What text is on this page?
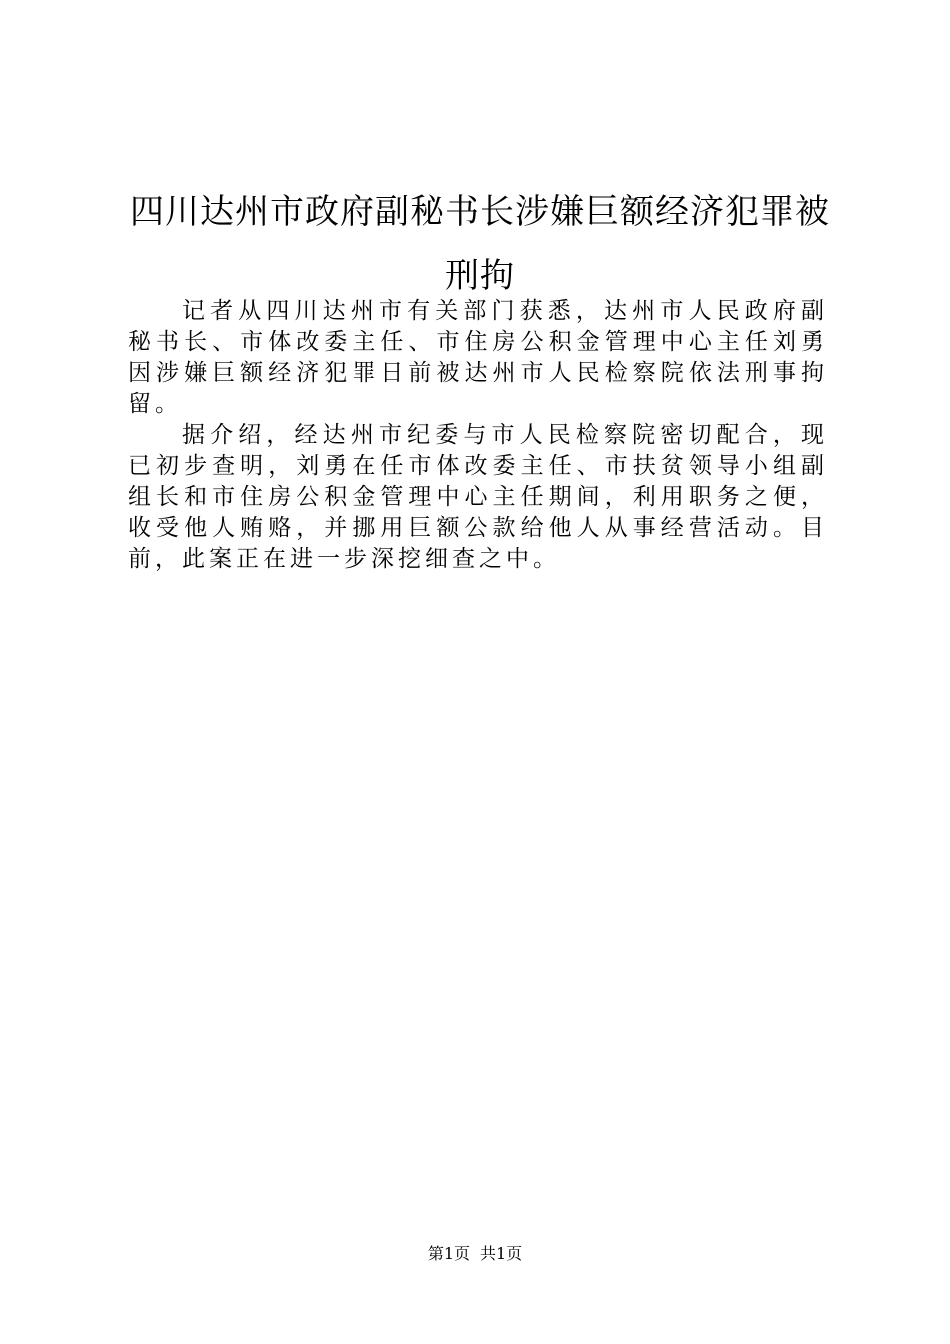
四川达州市政府副秘书长涉嫌巨额经济犯罪被刑拘

记者从四川达州市有关部门获悉，达州市人民政府副秘书长、市体改委主任、市住房公积金管理中心主任刘勇因涉嫌巨额经济犯罪日前被达州市人民检察院依法刑事拘留。

据介绍，经达州市纪委与市人民检察院密切配合，现已初步查明，刘勇在任市体改委主任、市扶贫领导小组副组长和市住房公积金管理中心主任期间，利用职务之便，收受他人贿赂，并挪用巨额公款给他人从事经营活动。目前，此案正在进一步深挖细查之中。

第1页 共1页
